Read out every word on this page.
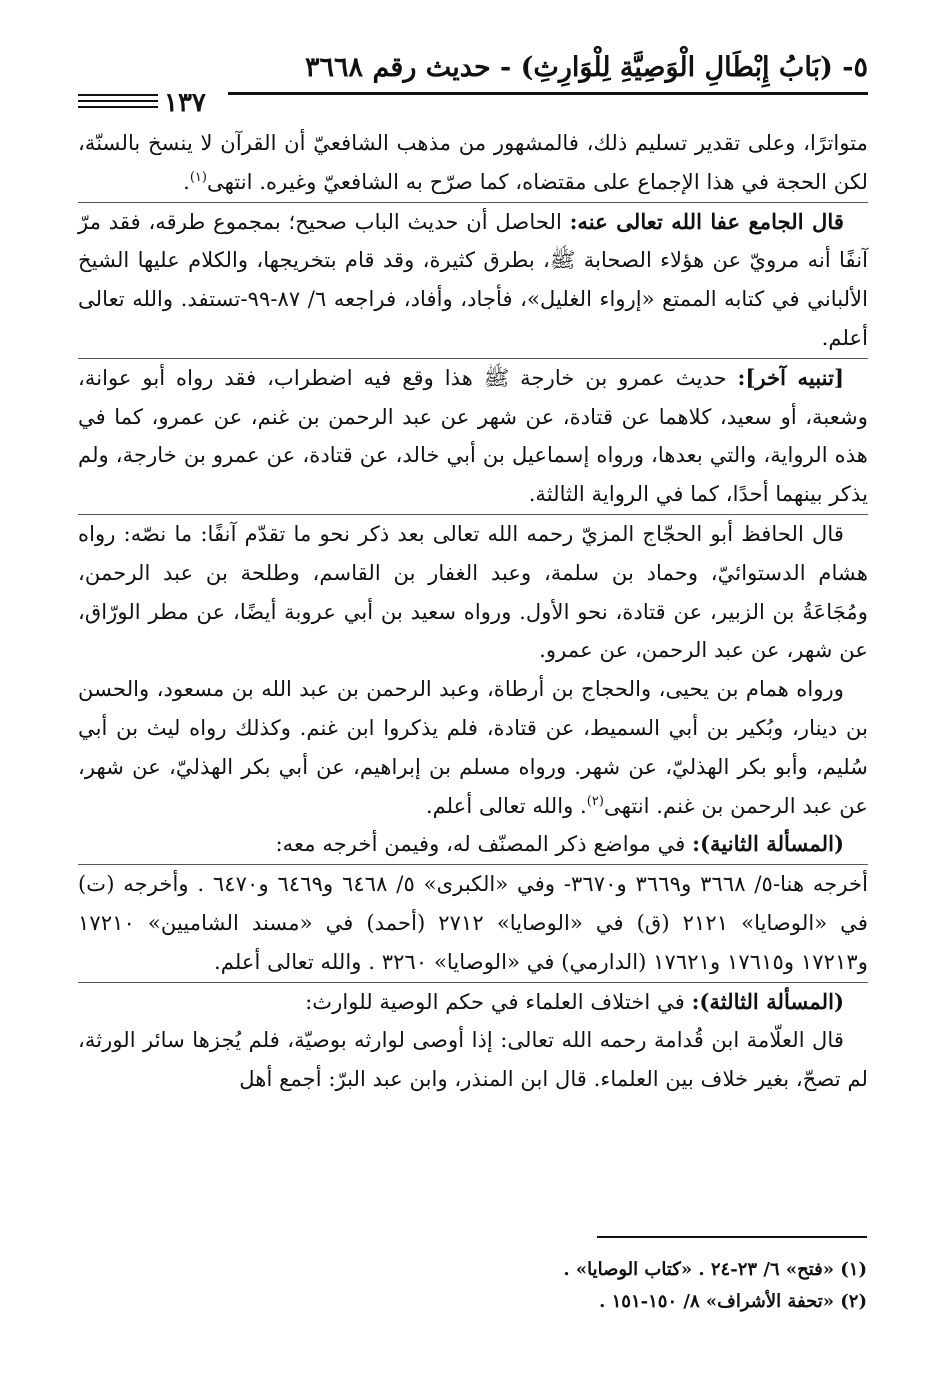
٥- (بَابُ إِبْطَالِ الْوَصِيَّةِ لِلْوَارِثِ) - حديث رقم ٣٦٦٨
١٣٧

متواترًا، وعلى تقدير تسليم ذلك، فالمشهور من مذهب الشافعيّ أن القرآن لا ينسخ بالسنّة، لكن الحجة في هذا الإجماع على مقتضاه، كما صرّح به الشافعيّ وغيره. انتهى$^{(١)}$.

قال الجامع عفا الله تعالى عنه: الحاصل أن حديث الباب صحيح؛ بمجموع طرقه، فقد مرّ آنفًا أنه مرويّ عن هؤلاء الصحابة ﷺ، بطرق كثيرة، وقد قام بتخريجها، والكلام عليها الشيخ الألباني في كتابه الممتع «إرواء الغليل»، فأجاد، وأفاد، فراجعه ٦/ ٨٧-٩٩-تستفد. والله تعالى أعلم.

[تنبيه آخر]: حديث عمرو بن خارجة ﷺ هذا وقع فيه اضطراب، فقد رواه أبو عوانة، وشعبة، أو سعيد، كلاهما عن قتادة، عن شهر عن عبد الرحمن بن غنم، عن عمرو، كما في هذه الرواية، والتي بعدها، ورواه إسماعيل بن أبي خالد، عن قتادة، عن عمرو بن خارجة، ولم يذكر بينهما أحدًا، كما في الرواية الثالثة.

قال الحافظ أبو الحجّاج المزيّ رحمه الله تعالى بعد ذكر نحو ما تقدّم آنفًا: ما نصّه: رواه هشام الدستوائيّ، وحماد بن سلمة، وعبد الغفار بن القاسم، وطلحة بن عبد الرحمن، ومُجَاعَةُ بن الزبير، عن قتادة، نحو الأول. ورواه سعيد بن أبي عروبة أيضًا، عن مطر الورّاق، عن شهر، عن عبد الرحمن، عن عمرو.

ورواه همام بن يحيى، والحجاج بن أرطاة، وعبد الرحمن بن عبد الله بن مسعود، والحسن بن دينار، وبُكير بن أبي السميط، عن قتادة، فلم يذكروا ابن غنم. وكذلك رواه ليث بن أبي سُليم، وأبو بكر الهذليّ، عن شهر. ورواه مسلم بن إبراهيم، عن أبي بكر الهذليّ، عن شهر، عن عبد الرحمن بن غنم. انتهى$^{(٢)}$. والله تعالى أعلم.

(المسألة الثانية): في مواضع ذكر المصنّف له، وفيمن أخرجه معه:

أخرجه هنا-٥/ ٣٦٦٨ و٣٦٦٩ و٣٦٧٠- وفي «الكبرى» ٥/ ٦٤٦٨ و٦٤٦٩ و٦٤٧٠ . وأخرجه (ت) في «الوصايا» ٢١٢١ (ق) في «الوصايا» ٢٧١٢ (أحمد) في «مسند الشاميين» ١٧٢١٠ و١٧٢١٣ و١٧٦١٥ و١٧٦٢١ (الدارمي) في «الوصايا» ٣٢٦٠ . والله تعالى أعلم.

(المسألة الثالثة): في اختلاف العلماء في حكم الوصية للوارث:

قال العلّامة ابن قُدامة رحمه الله تعالى: إذا أوصى لوارثه بوصيّة، فلم يُجزها سائر الورثة، لم تصحّ، بغير خلاف بين العلماء. قال ابن المنذر، وابن عبد البرّ: أجمع أهل

(١) «فتح» ٦/ ٢٣-٢٤ . «كتاب الوصايا» .
(٢) «تحفة الأشراف» ٨/ ١٥٠-١٥١ .
